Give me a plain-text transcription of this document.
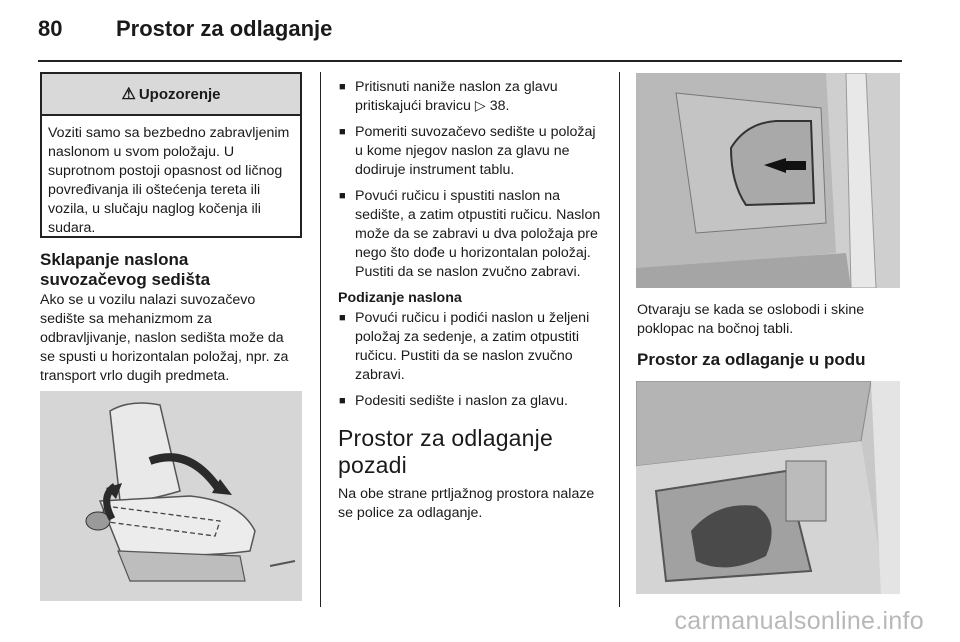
80 Prostor za odlaganje
⚠ Upozorenje
Voziti samo sa bezbedno zabravljenim naslonom u svom položaju. U suprotnom postoji opasnost od ličnog povređivanja ili oštećenja tereta ili vozila, u slučaju naglog kočenja ili sudara.
Sklapanje naslona
suvozačevog sedišta
Ako se u vozilu nalazi suvozačevo sedište sa mehanizmom za odbravljivanje, naslon sedišta može da se spusti u horizontalan položaj, npr. za transport vrlo dugih predmeta.
■ Pritisnuti naniže naslon za glavu pritiskajući bravicu ▷ 38.
■ Pomeriti suvozačevo sedište u položaj u kome njegov naslon za glavu ne dodiruje instrument tablu.
■ Povući ručicu i spustiti naslon na sedište, a zatim otpustiti ručicu. Naslon može da se zabravi u dva položaja pre nego što dođe u horizontalan položaj. Pustiti da se naslon zvučno zabravi.
Podizanje naslona
■ Povući ručicu i podići naslon u željeni položaj za sedenje, a zatim otpustiti ručicu. Pustiti da se naslon zvučno zabravi.
■ Podesiti sedište i naslon za glavu.
Prostor za odlaganje
pozadi
Na obe strane prtljažnog prostora nalaze se police za odlaganje.
Otvaraju se kada se oslobodi i skine poklopac na bočnoj tabli.
Prostor za odlaganje u podu
carmanualsonline.info
